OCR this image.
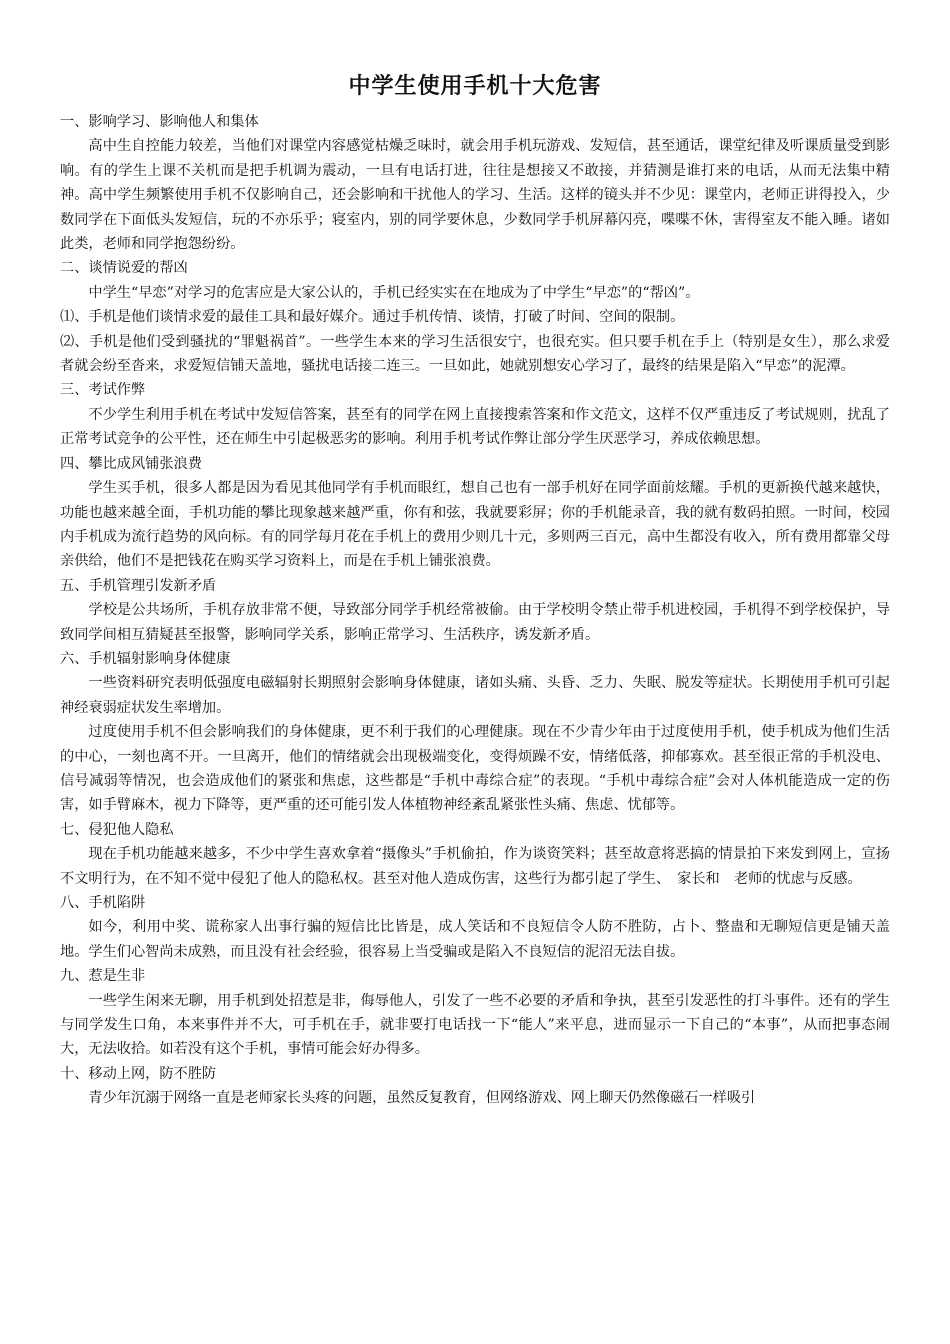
中学生使用手机十大危害

一、影响学习、影响他人和集体

高中生自控能力较差，当他们对课堂内容感觉枯燥乏味时，就会用手机玩游戏、发短信，甚至通话，课堂纪律及听课质量受到影响。有的学生上课不关机而是把手机调为震动，一旦有电话打进，往往是想接又不敢接，并猜测是谁打来的电话，从而无法集中精神。高中学生频繁使用手机不仅影响自己，还会影响和干扰他人的学习、生活。这样的镜头并不少见：课堂内，老师正讲得投入，少数同学在下面低头发短信，玩的不亦乐乎；寝室内，别的同学要休息，少数同学手机屏幕闪亮，喋喋不休，害得室友不能入睡。诸如此类，老师和同学抱怨纷纷。

二、谈情说爱的帮凶

中学生“早恋”对学习的危害应是大家公认的，手机已经实实在在地成为了中学生“早恋”的“帮凶”。

⑴、手机是他们谈情求爱的最佳工具和最好媒介。通过手机传情、谈情，打破了时间、空间的限制。

⑵、手机是他们受到骚扰的“罪魁祸首”。一些学生本来的学习生活很安宁，也很充实。但只要手机在手上（特别是女生），那么求爱者就会纷至沓来，求爱短信铺天盖地，骚扰电话接二连三。一旦如此，她就别想安心学习了，最终的结果是陷入“早恋”的泥潭。

三、考试作弊

不少学生利用手机在考试中发短信答案，甚至有的同学在网上直接搜索答案和作文范文，这样不仅严重违反了考试规则，扰乱了正常考试竞争的公平性，还在师生中引起极恶劣的影响。利用手机考试作弊让部分学生厌恶学习，养成依赖思想。

四、攀比成风铺张浪费

学生买手机，很多人都是因为看见其他同学有手机而眼红，想自己也有一部手机好在同学面前炫耀。手机的更新换代越来越快，功能也越来越全面，手机功能的攀比现象越来越严重，你有和弦，我就要彩屏；你的手机能录音，我的就有数码拍照。一时间，校园内手机成为流行趋势的风向标。有的同学每月花在手机上的费用少则几十元，多则两三百元，高中生都没有收入，所有费用都靠父母亲供给，他们不是把钱花在购买学习资料上，而是在手机上铺张浪费。

五、手机管理引发新矛盾

学校是公共场所，手机存放非常不便，导致部分同学手机经常被偷。由于学校明令禁止带手机进校园，手机得不到学校保护，导致同学间相互猜疑甚至报警，影响同学关系，影响正常学习、生活秩序，诱发新矛盾。

六、手机辐射影响身体健康

一些资料研究表明低强度电磁辐射长期照射会影响身体健康，诸如头痛、头昏、乏力、失眠、脱发等症状。长期使用手机可引起神经衰弱症状发生率增加。

过度使用手机不但会影响我们的身体健康，更不利于我们的心理健康。现在不少青少年由于过度使用手机，使手机成为他们生活的中心，一刻也离不开。一旦离开，他们的情绪就会出现极端变化，变得烦躁不安，情绪低落，抑郁寡欢。甚至很正常的手机没电、信号减弱等情况，也会造成他们的紧张和焦虑，这些都是“手机中毒综合症”的表现。“手机中毒综合症”会对人体机能造成一定的伤害，如手臂麻木，视力下降等，更严重的还可能引发人体植物神经紊乱紧张性头痛、焦虑、忧郁等。

七、侵犯他人隐私

现在手机功能越来越多，不少中学生喜欢拿着“摄像头”手机偷拍，作为谈资笑料；甚至故意将恶搞的情景拍下来发到网上，宣扬不文明行为，在不知不觉中侵犯了他人的隐私权。甚至对他人造成伤害，这些行为都引起了学生、　家长和　老师的忧虑与反感。

八、手机陷阱

如今，利用中奖、谎称家人出事行骗的短信比比皆是，成人笑话和不良短信令人防不胜防，占卜、整蛊和无聊短信更是铺天盖地。学生们心智尚未成熟，而且没有社会经验，很容易上当受骗或是陷入不良短信的泥沼无法自拔。

九、惹是生非

一些学生闲来无聊，用手机到处招惹是非，侮辱他人，引发了一些不必要的矛盾和争执，甚至引发恶性的打斗事件。还有的学生与同学发生口角，本来事件并不大，可手机在手，就非要打电话找一下“能人”来平息，进而显示一下自己的“本事”，从而把事态闹大，无法收拾。如若没有这个手机，事情可能会好办得多。

十、移动上网，防不胜防

青少年沉溺于网络一直是老师家长头疼的问题，虽然反复教育，但网络游戏、网上聊天仍然像磁石一样吸引
